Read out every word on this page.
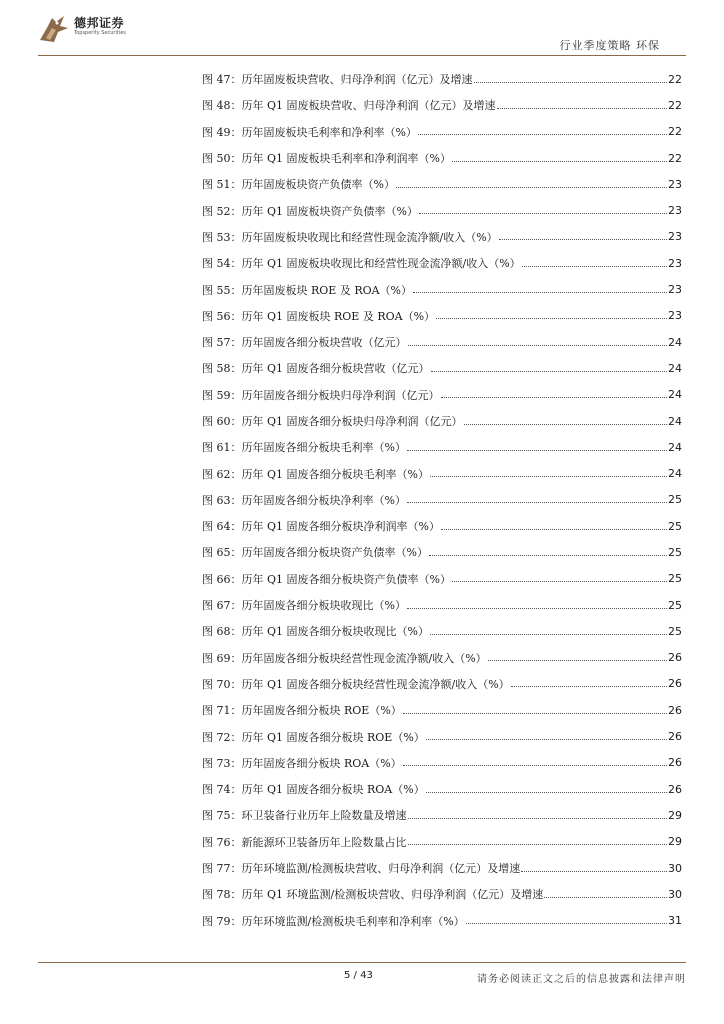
德邦证券
Topsperity Securities
行业季度策略 环保
图 47：历年固废板块营收、归母净利润（亿元）及增速	22
图 48：历年 Q1 固废板块营收、归母净利润（亿元）及增速	22
图 49：历年固废板块毛利率和净利率（%）	22
图 50：历年 Q1 固废板块毛利率和净利润率（%）	22
图 51：历年固废板块资产负债率（%）	23
图 52：历年 Q1 固废板块资产负债率（%）	23
图 53：历年固废板块收现比和经营性现金流净额/收入（%）	23
图 54：历年 Q1 固废板块收现比和经营性现金流净额/收入（%）	23
图 55：历年固废板块 ROE 及 ROA（%）	23
图 56：历年 Q1 固废板块 ROE 及 ROA（%）	23
图 57：历年固废各细分板块营收（亿元）	24
图 58：历年 Q1 固废各细分板块营收（亿元）	24
图 59：历年固废各细分板块归母净利润（亿元）	24
图 60：历年 Q1 固废各细分板块归母净利润（亿元）	24
图 61：历年固废各细分板块毛利率（%）	24
图 62：历年 Q1 固废各细分板块毛利率（%）	24
图 63：历年固废各细分板块净利率（%）	25
图 64：历年 Q1 固废各细分板块净利润率（%）	25
图 65：历年固废各细分板块资产负债率（%）	25
图 66：历年 Q1 固废各细分板块资产负债率（%）	25
图 67：历年固废各细分板块收现比（%）	25
图 68：历年 Q1 固废各细分板块收现比（%）	25
图 69：历年固废各细分板块经营性现金流净额/收入（%）	26
图 70：历年 Q1 固废各细分板块经营性现金流净额/收入（%）	26
图 71：历年固废各细分板块 ROE（%）	26
图 72：历年 Q1 固废各细分板块 ROE（%）	26
图 73：历年固废各细分板块 ROA（%）	26
图 74：历年 Q1 固废各细分板块 ROA（%）	26
图 75：环卫装备行业历年上险数量及增速	29
图 76：新能源环卫装备历年上险数量占比	29
图 77：历年环境监测/检测板块营收、归母净利润（亿元）及增速	30
图 78：历年 Q1 环境监测/检测板块营收、归母净利润（亿元）及增速	30
图 79：历年环境监测/检测板块毛利率和净利率（%）	31
5 / 43	请务必阅读正文之后的信息披露和法律声明
